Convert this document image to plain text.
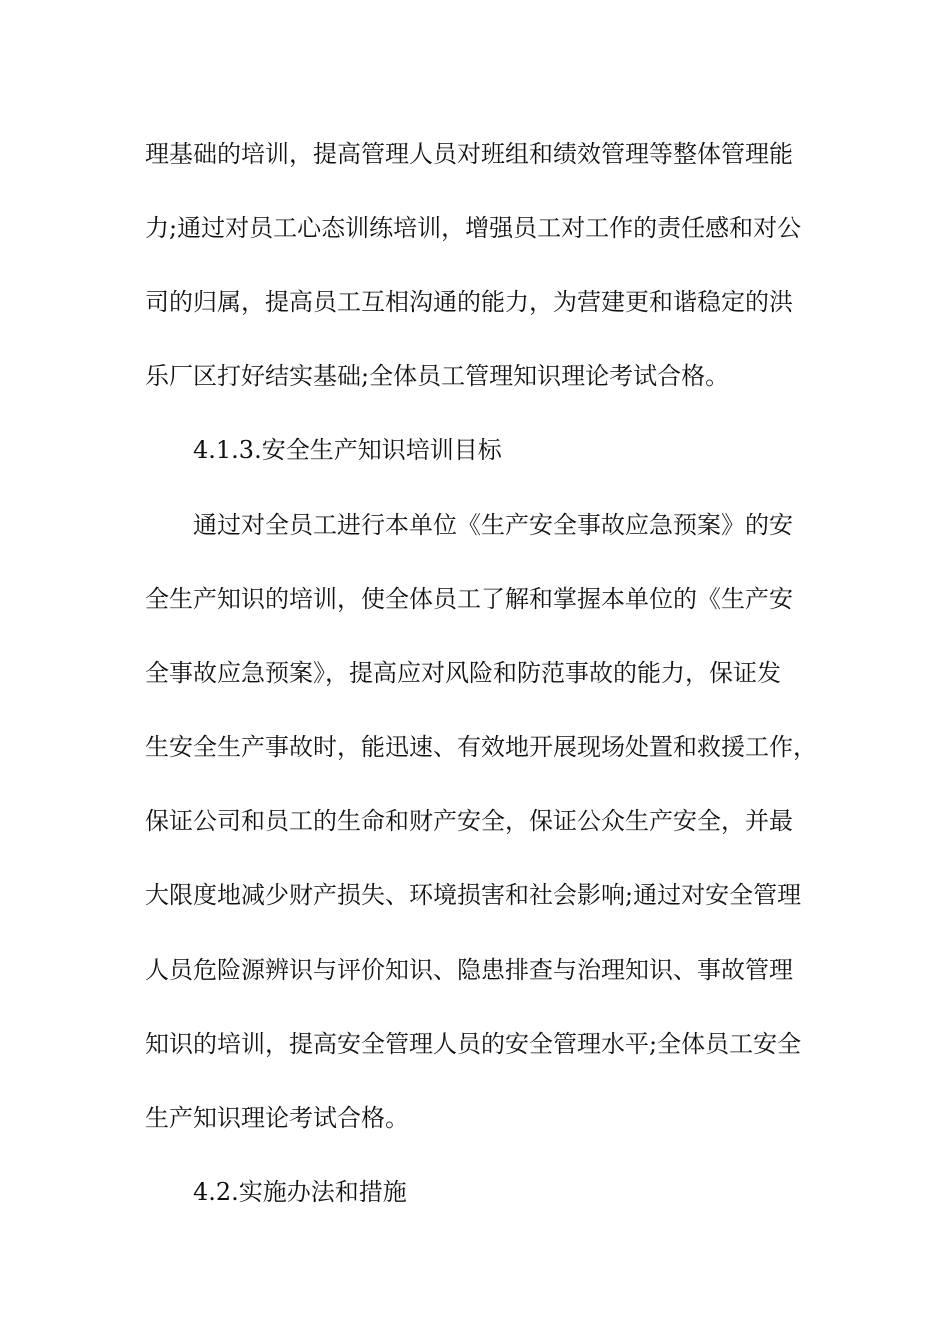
理基础的培训，提高管理人员对班组和绩效管理等整体管理能
力;通过对员工心态训练培训，增强员工对工作的责任感和对公
司的归属，提高员工互相沟通的能力，为营建更和谐稳定的洪
乐厂区打好结实基础;全体员工管理知识理论考试合格。
4.1.3.安全生产知识培训目标
通过对全员工进行本单位《生产安全事故应急预案》的安
全生产知识的培训，使全体员工了解和掌握本单位的《生产安
全事故应急预案》，提高应对风险和防范事故的能力，保证发
生安全生产事故时，能迅速、有效地开展现场处置和救援工作，
保证公司和员工的生命和财产安全，保证公众生产安全，并最
大限度地减少财产损失、环境损害和社会影响;通过对安全管理
人员危险源辨识与评价知识、隐患排查与治理知识、事故管理
知识的培训，提高安全管理人员的安全管理水平;全体员工安全
生产知识理论考试合格。
4.2.实施办法和措施
